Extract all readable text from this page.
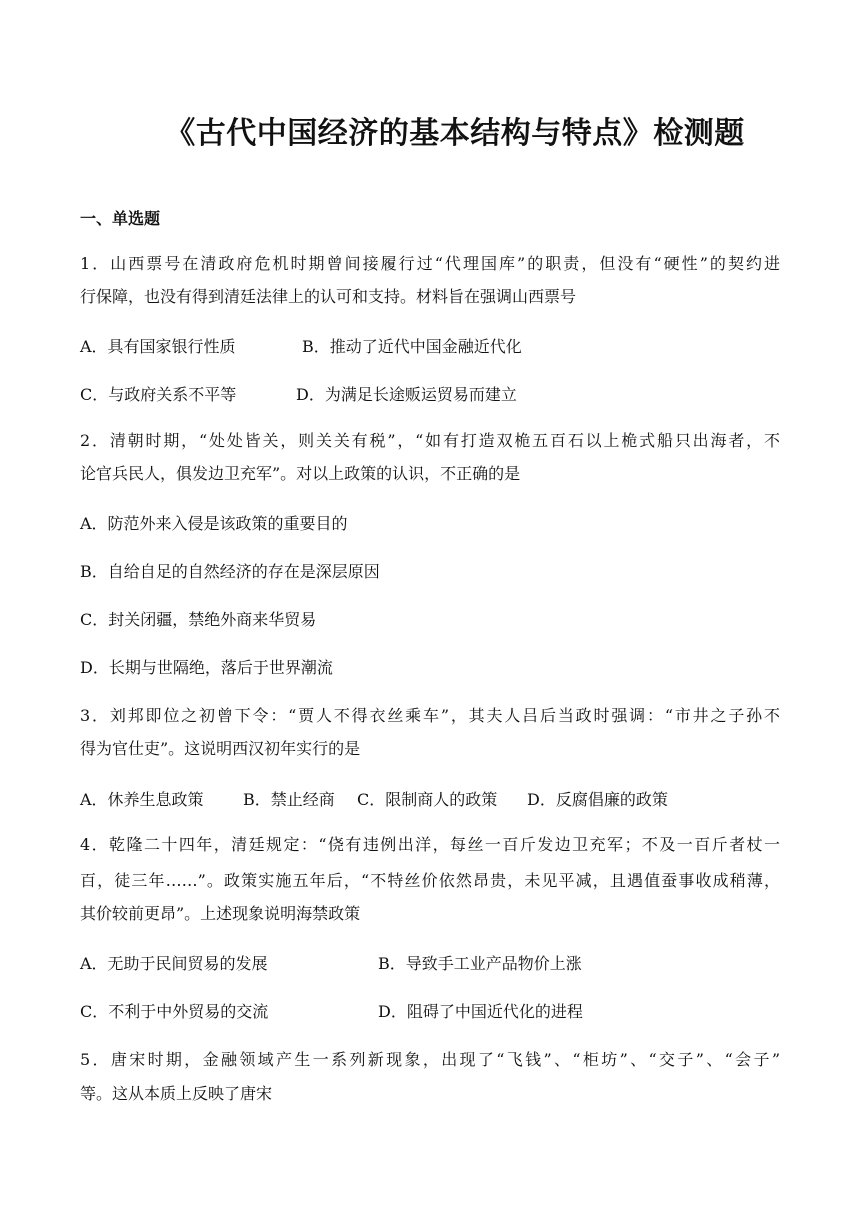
《古代中国经济的基本结构与特点》检测题
一、单选题
1．山西票号在清政府危机时期曾间接履行过“代理国库”的职责，但没有“硬性”的契约进
行保障，也没有得到清廷法律上的认可和支持。材料旨在强调山西票号
A．具有国家银行性质	B．推动了近代中国金融近代化
C．与政府关系不平等	D．为满足长途贩运贸易而建立
2．清朝时期，“处处皆关，则关关有税”，“如有打造双桅五百石以上桅式船只出海者，不
论官兵民人，俱发边卫充军”。对以上政策的认识，不正确的是
A．防范外来入侵是该政策的重要目的
B．自给自足的自然经济的存在是深层原因
C．封关闭疆，禁绝外商来华贸易
D．长期与世隔绝，落后于世界潮流
3．刘邦即位之初曾下令：“贾人不得衣丝乘车”，其夫人吕后当政时强调：“市井之子孙不
得为官仕吏”。这说明西汉初年实行的是
A．休养生息政策 B．禁止经商 C．限制商人的政策 D．反腐倡廉的政策
4．乾隆二十四年，清廷规定：“侥有违例出洋，每丝一百斤发边卫充军；不及一百斤者杖一
百，徒三年……”。政策实施五年后，“不特丝价依然昂贵，未见平减，且遇值蚕事收成稍薄，
其价较前更昂”。上述现象说明海禁政策
A．无助于民间贸易的发展	B．导致手工业产品物价上涨
C．不利于中外贸易的交流	D．阻碍了中国近代化的进程
5．唐宋时期，金融领域产生一系列新现象，出现了“飞钱”、“柜坊”、“交子”、“会子”
等。这从本质上反映了唐宋
